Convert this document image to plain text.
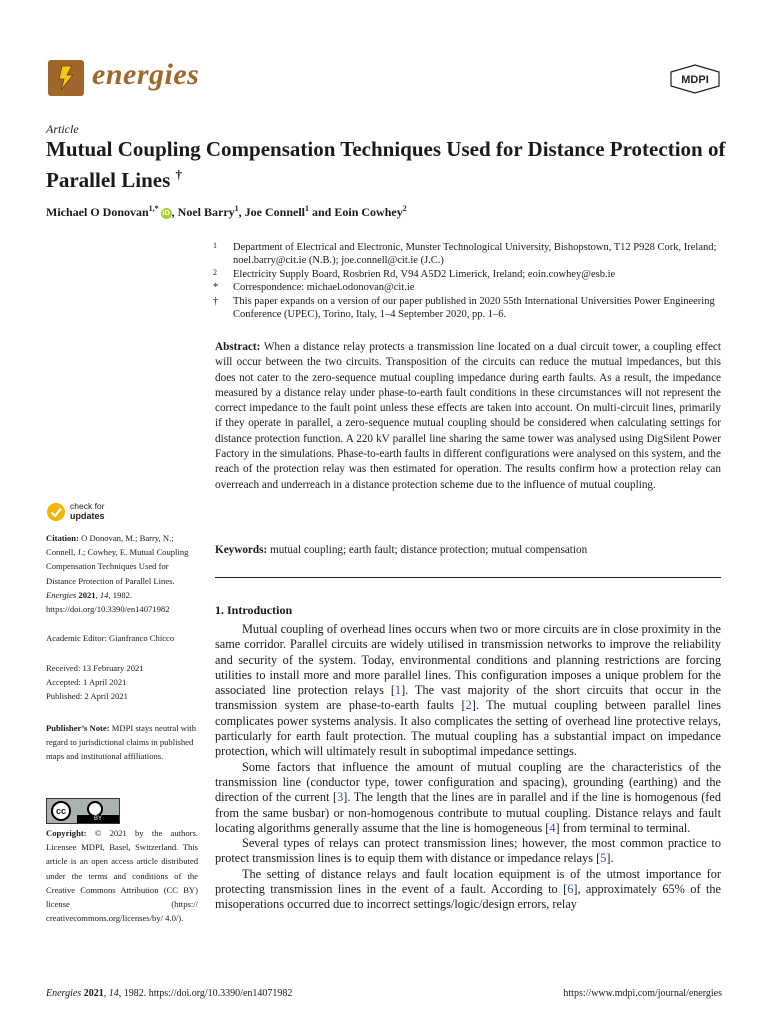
energies	MDPI
Article
Mutual Coupling Compensation Techniques Used for Distance Protection of Parallel Lines †
Michael O Donovan$^{1,*}$iD , Noel Barry$^1$, Joe Connell$^1$ and Eoin Cowhey$^2$
1	Department of Electrical and Electronic, Munster Technological University, Bishopstown, T12 P928 Cork, Ireland; noel.barry@cit.ie (N.B.); joe.connell@cit.ie (J.C.)
2	Electricity Supply Board, Rosbrien Rd, V94 A5D2 Limerick, Ireland; eoin.cowhey@esb.ie
*	Correspondence: michael.odonovan@cit.ie
†	This paper expands on a version of our paper published in 2020 55th International Universities Power Engineering Conference (UPEC), Torino, Italy, 1–4 September 2020, pp. 1–6.
Abstract: When a distance relay protects a transmission line located on a dual circuit tower, a coupling effect will occur between the two circuits. Transposition of the circuits can reduce the mutual impedances, but this does not cater to the zero-sequence mutual coupling impedance during earth faults. As a result, the impedance measured by a distance relay under phase-to-earth fault conditions in these circumstances will not represent the correct impedance to the fault point unless these effects are taken into account. On multi-circuit lines, primarily if they operate in parallel, a zero-sequence mutual coupling should be considered when calculating settings for distance protection function. A 220 kV parallel line sharing the same tower was analysed using DigSilent Power Factory in the simulations. Phase-to-earth faults in different configurations were analysed on this system, and the reach of the protection relay was then estimated for operation. The results confirm how a protection relay can overreach and underreach in a distance protection scheme due to the influence of mutual coupling.
Keywords: mutual coupling; earth fault; distance protection; mutual compensation
check for
updates
Citation: O Donovan, M.; Barry, N.; Connell, J.; Cowhey, E. Mutual Coupling Compensation Techniques Used for Distance Protection of Parallel Lines. Energies 2021, 14, 1982. https://doi.org/10.3390/en14071982
Academic Editor: Gianfranco Chicco
Received: 13 February 2021
Accepted: 1 April 2021
Published: 2 April 2021
Publisher’s Note: MDPI stays neutral with regard to jurisdictional claims in published maps and institutional affiliations.
cc
BY
Copyright: © 2021 by the authors. Licensee MDPI, Basel, Switzerland. This article is an open access article distributed under the terms and conditions of the Creative Commons Attribution (CC BY) license (https:// creativecommons.org/licenses/by/ 4.0/).
1. Introduction

Mutual coupling of overhead lines occurs when two or more circuits are in close proximity in the same corridor. Parallel circuits are widely utilised in transmission networks to improve the reliability and security of the system. Today, environmental conditions and planning restrictions are forcing utilities to install more and more parallel lines. This configuration imposes a unique problem for the associated line protection relays [1]. The vast majority of the short circuits that occur in the transmission system are phase-to-earth faults [2]. The mutual coupling between parallel lines complicates power systems analysis. It also complicates the setting of overhead line protective relays, particularly for earth fault protection. The mutual coupling has a substantial impact on impedance protection, which will ultimately result in suboptimal impedance settings.

Some factors that influence the amount of mutual coupling are the characteristics of the transmission line (conductor type, tower configuration and spacing), grounding (earthing) and the direction of the current [3]. The length that the lines are in parallel and if the line is homogenous (fed from the same busbar) or non-homogenous contribute to mutual coupling. Distance relays and fault locating algorithms generally assume that the line is homogeneous [4] from terminal to terminal.

Several types of relays can protect transmission lines; however, the most common practice to protect transmission lines is to equip them with distance or impedance relays [5].

The setting of distance relays and fault location equipment is of the utmost importance for protecting transmission lines in the event of a fault. According to [6], approximately 65% of the misoperations occurred due to incorrect settings/logic/design errors, relay

Energies 2021, 14, 1982. https://doi.org/10.3390/en14071982	https://www.mdpi.com/journal/energies
